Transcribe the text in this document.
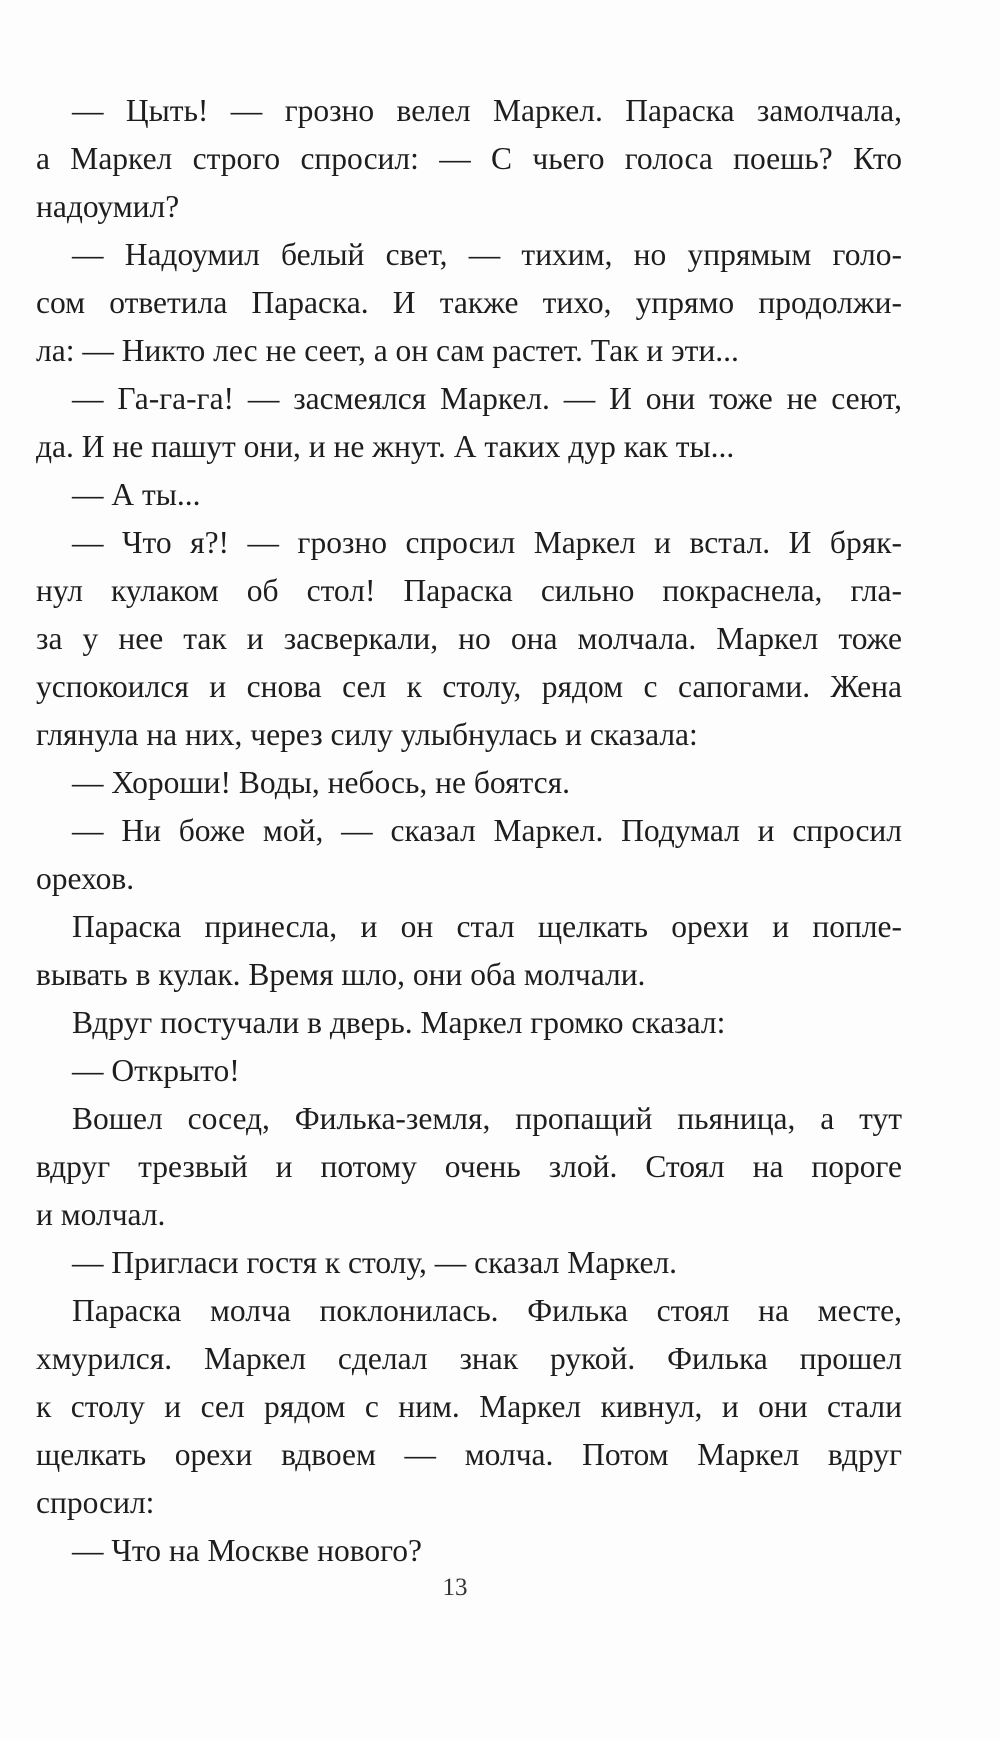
— Цыть! — грозно велел Маркел. Параска замолчала,
а Маркел строго спросил: — С чьего голоса поешь? Кто
надоумил?
— Надоумил белый свет, — тихим, но упрямым голо-
сом ответила Параска. И также тихо, упрямо продолжи-
ла: — Никто лес не сеет, а он сам растет. Так и эти...
— Га-га-га! — засмеялся Маркел. — И они тоже не сеют,
да. И не пашут они, и не жнут. А таких дур как ты...
— А ты...
— Что я?! — грозно спросил Маркел и встал. И бряк-
нул кулаком об стол! Параска сильно покраснела, гла-
за у нее так и засверкали, но она молчала. Маркел тоже
успокоился и снова сел к столу, рядом с сапогами. Жена
глянула на них, через силу улыбнулась и сказала:
— Хороши! Воды, небось, не боятся.
— Ни боже мой, — сказал Маркел. Подумал и спросил
орехов.
Параска принесла, и он стал щелкать орехи и попле-
вывать в кулак. Время шло, они оба молчали.
Вдруг постучали в дверь. Маркел громко сказал:
— Открыто!
Вошел сосед, Филька-земля, пропащий пьяница, а тут
вдруг трезвый и потому очень злой. Стоял на пороге
и молчал.
— Пригласи гостя к столу, — сказал Маркел.
Параска молча поклонилась. Филька стоял на месте,
хмурился. Маркел сделал знак рукой. Филька прошел
к столу и сел рядом с ним. Маркел кивнул, и они стали
щелкать орехи вдвоем — молча. Потом Маркел вдруг
спросил:
— Что на Москве нового?
13
